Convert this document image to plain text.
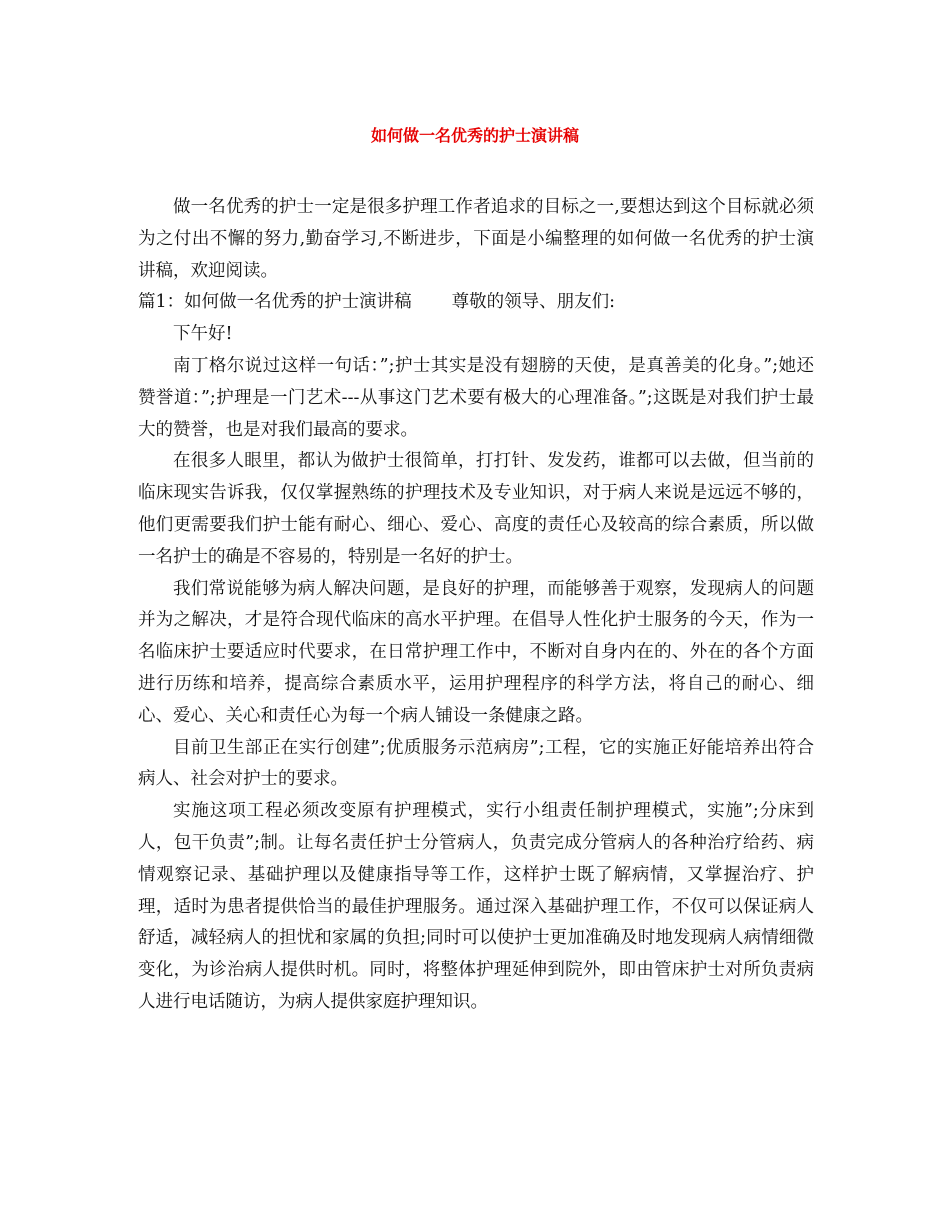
如何做一名优秀的护士演讲稿

做一名优秀的护士一定是很多护理工作者追求的目标之一,要想达到这个目标就必须为之付出不懈的努力,勤奋学习,不断进步，下面是小编整理的如何做一名优秀的护士演讲稿，欢迎阅读。

篇1：如何做一名优秀的护士演讲稿 尊敬的领导、朋友们:

下午好!

南丁格尔说过这样一句话：”;护士其实是没有翅膀的天使，是真善美的化身。”;她还赞誉道：”;护理是一门艺术---从事这门艺术要有极大的心理准备。”;这既是对我们护士最大的赞誉，也是对我们最高的要求。

在很多人眼里，都认为做护士很简单，打打针、发发药，谁都可以去做，但当前的临床现实告诉我，仅仅掌握熟练的护理技术及专业知识，对于病人来说是远远不够的，他们更需要我们护士能有耐心、细心、爱心、高度的责任心及较高的综合素质，所以做一名护士的确是不容易的，特别是一名好的护士。

我们常说能够为病人解决问题，是良好的护理，而能够善于观察，发现病人的问题并为之解决，才是符合现代临床的高水平护理。在倡导人性化护士服务的今天，作为一名临床护士要适应时代要求，在日常护理工作中，不断对自身内在的、外在的各个方面进行历练和培养，提高综合素质水平，运用护理程序的科学方法，将自己的耐心、细心、爱心、关心和责任心为每一个病人铺设一条健康之路。

目前卫生部正在实行创建”;优质服务示范病房”;工程，它的实施正好能培养出符合病人、社会对护士的要求。

实施这项工程必须改变原有护理模式，实行小组责任制护理模式，实施”;分床到人，包干负责”;制。让每名责任护士分管病人，负责完成分管病人的各种治疗给药、病情观察记录、基础护理以及健康指导等工作，这样护士既了解病情，又掌握治疗、护理，适时为患者提供恰当的最佳护理服务。通过深入基础护理工作，不仅可以保证病人舒适，减轻病人的担忧和家属的负担;同时可以使护士更加准确及时地发现病人病情细微变化，为诊治病人提供时机。同时，将整体护理延伸到院外，即由管床护士对所负责病人进行电话随访，为病人提供家庭护理知识。
